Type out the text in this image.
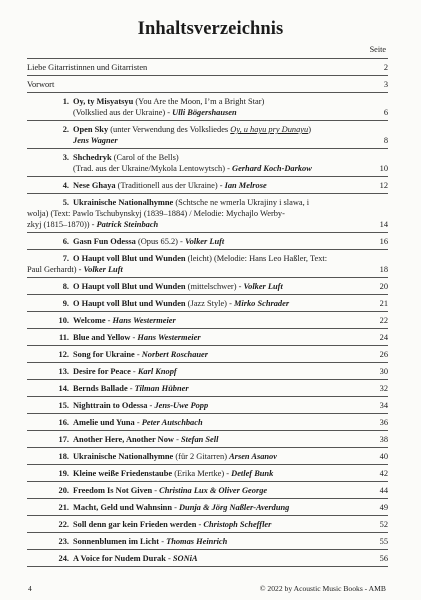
Inhaltsverzeichnis
Seite
Liebe Gitarristinnen und Gitarristen	2
Vorwort	3
1. Oy, ty Misyatsyu (You Are the Moon, I’m a Bright Star)
(Volkslied aus der Ukraine) - Ulli Bögershausen	6
2. Open Sky (unter Verwendung des Volksliedes Oy, u hayu pry Dunayu)
Jens Wagner	8
3. Shchedryk (Carol of the Bells)
(Trad. aus der Ukraine/Mykola Lentowytsch) - Gerhard Koch-Darkow	10
4. Nese Ghaya (Traditionell aus der Ukraine) - Ian Melrose	12
5. Ukrainische Nationalhymne (Schtsche ne wmerla Ukrajiny i slawa, i
wolja) (Text: Pawlo Tschubynskyj (1839–1884) / Melodie: Mychajlo Werby-
zkyj (1815–1870)) - Patrick Steinbach	14
6. Gasn Fun Odessa (Opus 65.2) - Volker Luft	16
7. O Haupt voll Blut und Wunden (leicht) (Melodie: Hans Leo Haßler, Text:
Paul Gerhardt) - Volker Luft	18
8. O Haupt voll Blut und Wunden (mittelschwer) - Volker Luft	20
9. O Haupt voll Blut und Wunden (Jazz Style) - Mirko Schrader	21
10. Welcome - Hans Westermeier	22
11. Blue and Yellow - Hans Westermeier	24
12. Song for Ukraine - Norbert Roschauer	26
13. Desire for Peace - Karl Knopf	30
14. Bernds Ballade - Tilman Hübner	32
15. Nighttrain to Odessa - Jens-Uwe Popp	34
16. Amelie und Yuna - Peter Autschbach	36
17. Another Here, Another Now - Stefan Sell	38
18. Ukrainische Nationalhymne (für 2 Gitarren) Arsen Asanov	40
19. Kleine weiße Friedenstaube (Erika Mertke) - Detlef Bunk	42
20. Freedom Is Not Given - Christina Lux & Oliver George	44
21. Macht, Geld und Wahnsinn - Dunja & Jörg Naßler-Averdung	49
22. Soll denn gar kein Frieden werden - Christoph Scheffler	52
23. Sonnenblumen im Licht - Thomas Heinrich	55
24. A Voice for Nudem Durak - SONiA	56
4	© 2022 by Acoustic Music Books - AMB
